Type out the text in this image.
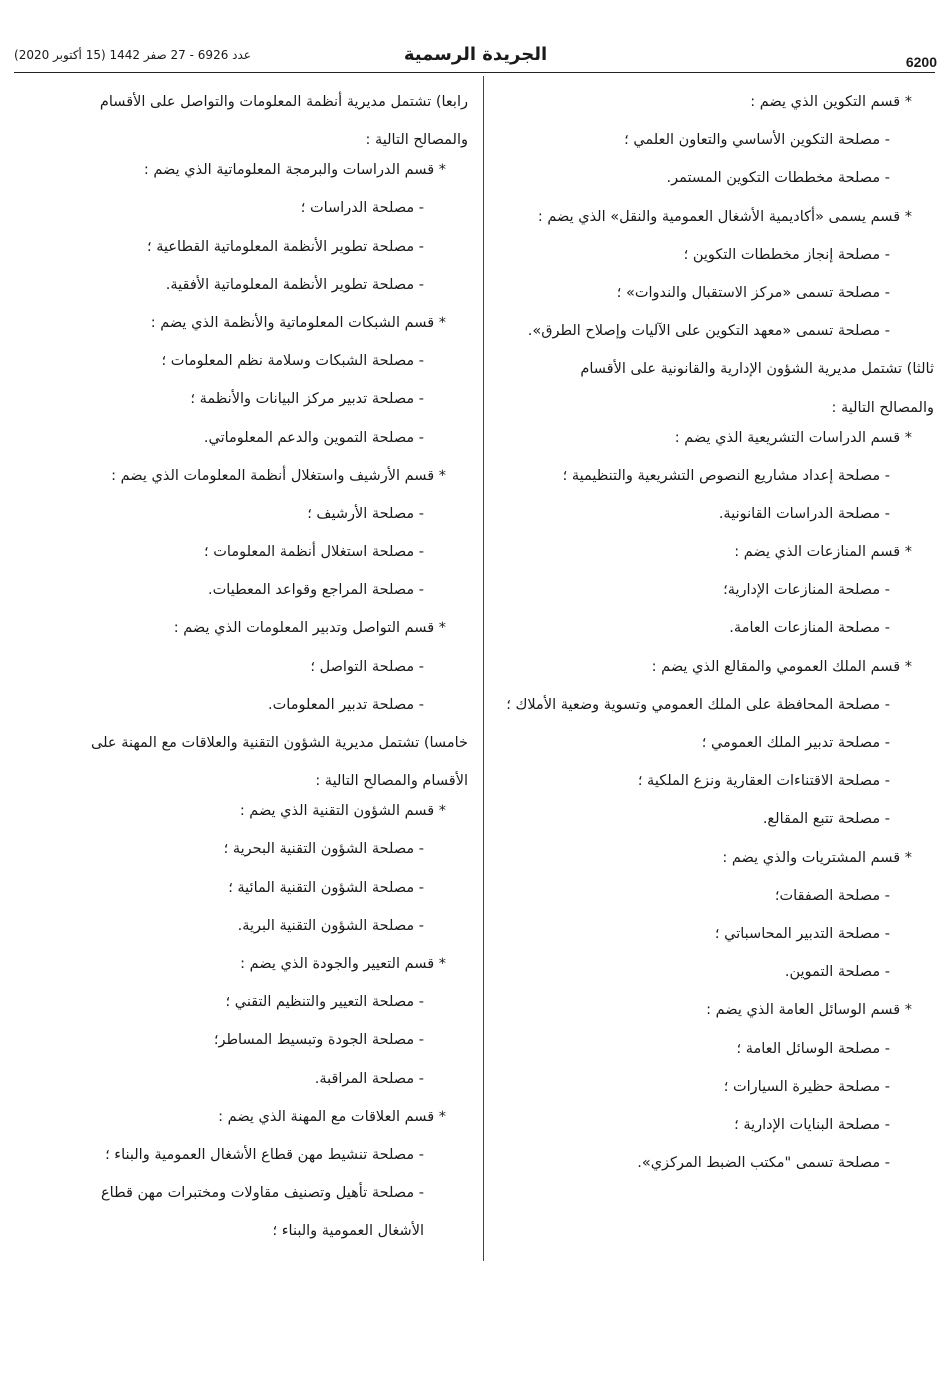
عدد 6926 - 27 صفر 1442 (15 أكتوبر 2020)	الجريدة الرسمية	6200
* قسم التكوين الذي يضم :
- مصلحة التكوين الأساسي والتعاون العلمي ؛
- مصلحة مخططات التكوين المستمر.
* قسم يسمى «أكاديمية الأشغال العمومية والنقل» الذي يضم :
- مصلحة إنجاز مخططات التكوين ؛
- مصلحة تسمى «مركز الاستقبال والندوات» ؛
- مصلحة تسمى «معهد التكوين على الآليات وإصلاح الطرق».
ثالثا) تشتمل مديرية الشؤون الإدارية والقانونية على الأقسام
والمصالح التالية :
* قسم الدراسات التشريعية الذي يضم :
- مصلحة إعداد مشاريع النصوص التشريعية والتنظيمية ؛
- مصلحة الدراسات القانونية.
* قسم المنازعات الذي يضم :
- مصلحة المنازعات الإدارية؛
- مصلحة المنازعات العامة.
* قسم الملك العمومي والمقالع الذي يضم :
- مصلحة المحافظة على الملك العمومي وتسوية وضعية الأملاك ؛
- مصلحة تدبير الملك العمومي ؛
- مصلحة الاقتناءات العقارية ونزع الملكية ؛
- مصلحة تتبع المقالع.
* قسم المشتريات والذي يضم :
- مصلحة الصفقات؛
- مصلحة التدبير المحاسباتي ؛
- مصلحة التموين.
* قسم الوسائل العامة الذي يضم :
- مصلحة الوسائل العامة ؛
- مصلحة حظيرة السيارات ؛
- مصلحة البنايات الإدارية ؛
- مصلحة تسمى "مكتب الضبط المركزي».
رابعا) تشتمل مديرية أنظمة المعلومات والتواصل على الأقسام
والمصالح التالية :
* قسم الدراسات والبرمجة المعلوماتية الذي يضم :
- مصلحة الدراسات ؛
- مصلحة تطوير الأنظمة المعلوماتية القطاعية ؛
- مصلحة تطوير الأنظمة المعلوماتية الأفقية.
* قسم الشبكات المعلوماتية والأنظمة الذي يضم :
- مصلحة الشبكات وسلامة نظم المعلومات ؛
- مصلحة تدبير مركز البيانات والأنظمة ؛
- مصلحة التموين والدعم المعلوماتي.
* قسم الأرشيف واستغلال أنظمة المعلومات الذي يضم :
- مصلحة الأرشيف ؛
- مصلحة استغلال أنظمة المعلومات ؛
- مصلحة المراجع وقواعد المعطيات.
* قسم التواصل وتدبير المعلومات الذي يضم :
- مصلحة التواصل ؛
- مصلحة تدبير المعلومات.
خامسا) تشتمل مديرية الشؤون التقنية والعلاقات مع المهنة على
الأقسام والمصالح التالية :
* قسم الشؤون التقنية الذي يضم :
- مصلحة الشؤون التقنية البحرية ؛
- مصلحة الشؤون التقنية المائية ؛
- مصلحة الشؤون التقنية البرية.
* قسم التعيير والجودة الذي يضم :
- مصلحة التعيير والتنظيم التقني ؛
- مصلحة الجودة وتبسيط المساطر؛
- مصلحة المراقبة.
* قسم العلاقات مع المهنة الذي يضم :
- مصلحة تنشيط مهن قطاع الأشغال العمومية والبناء ؛
- مصلحة تأهيل وتصنيف مقاولات ومختبرات مهن قطاع
الأشغال العمومية والبناء ؛
